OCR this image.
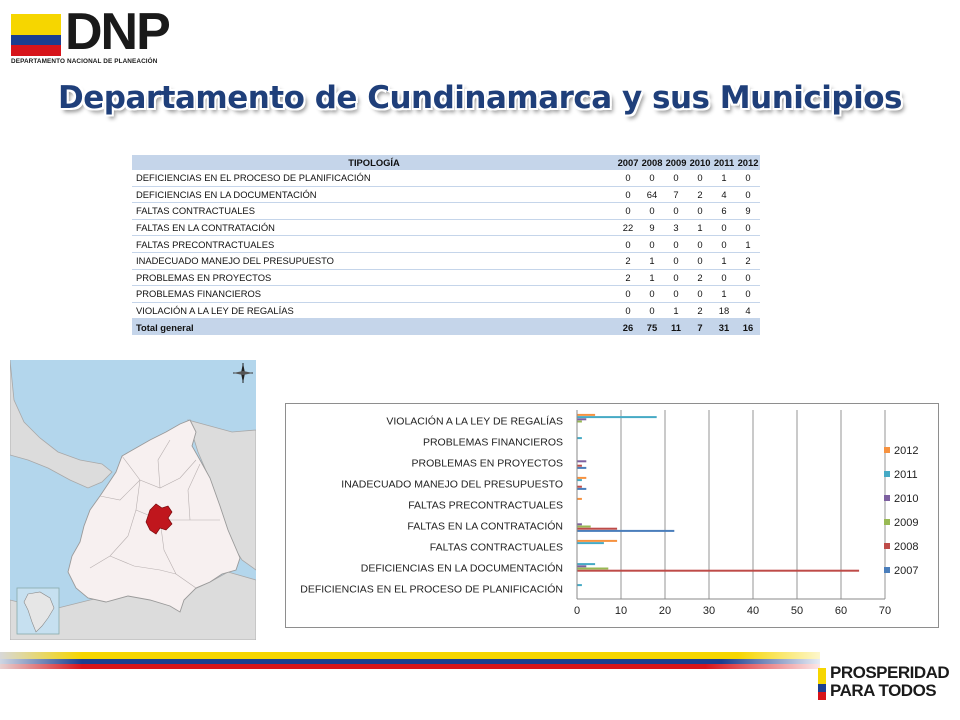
DNP
DEPARTAMENTO NACIONAL DE PLANEACIÓN
Departamento de Cundinamarca y sus Municipios
TIPOLOGÍA	2007	2008	2009	2010	2011	2012
DEFICIENCIAS EN EL PROCESO DE PLANIFICACIÓN	0	0	0	0	1	0
DEFICIENCIAS EN LA DOCUMENTACIÓN	0	64	7	2	4	0
FALTAS CONTRACTUALES	0	0	0	0	6	9
FALTAS EN LA CONTRATACIÓN	22	9	3	1	0	0
FALTAS PRECONTRACTUALES	0	0	0	0	0	1
INADECUADO MANEJO DEL PRESUPUESTO	2	1	0	0	1	2
PROBLEMAS EN PROYECTOS	2	1	0	2	0	0
PROBLEMAS FINANCIEROS	0	0	0	0	1	0
VIOLACIÓN A LA LEY DE REGALÍAS	0	0	1	2	18	4
Total general	26	75	11	7	31	16
0	10	20	30	40	50	60	70
DEFICIENCIAS EN EL PROCESO DE PLANIFICACIÓN
DEFICIENCIAS EN LA DOCUMENTACIÓN
FALTAS CONTRACTUALES
FALTAS EN LA CONTRATACIÓN
FALTAS PRECONTRACTUALES
INADECUADO MANEJO DEL PRESUPUESTO
PROBLEMAS EN PROYECTOS
PROBLEMAS FINANCIEROS
VIOLACIÓN A LA LEY DE REGALÍAS
2012
2011
2010
2009
2008
2007
PROSPERIDAD
PARA TODOS
